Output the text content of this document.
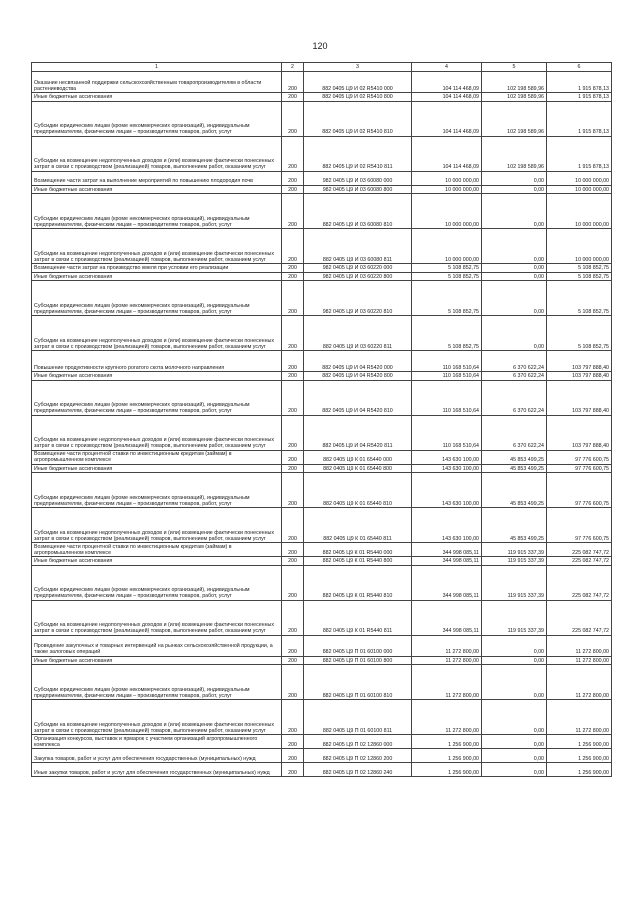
120
1	2	3	4	5	6
Оказание несвязанной поддержки сельскохозяйственным товаропроизводителям в области растениеводства	200	882 0405 Ц9 И 02 R5410 000	104 114 468,09	102 198 589,96	1 915 878,13
Иные бюджетные ассигнования	200	882 0405 Ц9 И 02 R5410 800	104 114 468,09	102 198 589,96	1 915 878,13
Субсидии юридическим лицам (кроме некоммерческих организаций), индивидуальным предпринимателям, физическим лицам – производителям товаров, работ, услуг	200	882 0405 Ц9 И 02 R5410 810	104 114 468,09	102 198 589,96	1 915 878,13
Субсидии на возмещение недополученных доходов и (или) возмещение фактически понесенных затрат в связи с производством (реализацией) товаров, выполнением работ, оказанием услуг	200	882 0405 Ц9 И 02 R5410 811	104 114 468,09	102 198 589,96	1 915 878,13
Возмещение части затрат на выполнение мероприятий по повышению плодородия почв	200	982 0405 Ц9 И 03 60080 000	10 000 000,00	0,00	10 000 000,00
Иные бюджетные ассигнования	200	982 0405 Ц9 И 03 60080 800	10 000 000,00	0,00	10 000 000,00
Субсидии юридическим лицам (кроме некоммерческих организаций), индивидуальным предпринимателям, физическим лицам – производителям товаров, работ, услуг	200	882 0405 Ц9 И 03 60080 810	10 000 000,00	0,00	10 000 000,00
Субсидии на возмещение недополученных доходов и (или) возмещение фактически понесенных затрат в связи с производством (реализацией) товаров, выполнением работ, оказанием услуг	200	882 0405 Ц9 И 03 60080 811	10 000 000,00	0,00	10 000 000,00
Возмещение части затрат на производство кмеля при условии его реализации	200	982 0405 Ц9 И 03 60220 000	5 108 852,75	0,00	5 108 852,75
Иные бюджетные ассигнования	200	982 0405 Ц9 И 03 60220 800	5 108 852,75	0,00	5 108 852,75
Субсидии юридическим лицам (кроме некоммерческих организаций), индивидуальным предпринимателям, физическим лицам – производителям товаров, работ, услуг	200	982 0405 Ц9 И 03 60220 810	5 108 852,75	0,00	5 108 852,75
Субсидии на возмещение недополученных доходов и (или) возмещение фактически понесенных затрат в связи с производством (реализацией) товаров, выполнением работ, оказанием услуг	200	882 0405 Ц9 И 03 60220 811	5 108 852,75	0,00	5 108 852,75
Повышение продуктивности крупного рогатого скота молочного направления	200	882 0405 Ц9 И 04 R5420 000	110 168 510,64	6 370 622,24	103 797 888,40
Иные бюджетные ассигнования	200	882 0405 Ц9 И 04 R5420 800	110 168 510,64	6 370 622,24	103 797 888,40
Субсидии юридическим лицам (кроме некоммерческих организаций), индивидуальным предпринимателям, физическим лицам – производителям товаров, работ, услуг	200	882 0405 Ц9 И 04 R5420 810	110 168 510,64	6 370 622,24	103 797 888,40
Субсидии на возмещение недополученных доходов и (или) возмещение фактически понесенных затрат в связи с производством (реализацией) товаров, выполнением работ, оказанием услуг	200	882 0405 Ц9 И 04 R5420 811	110 168 510,64	6 370 622,24	103 797 888,40
Возмещение части процентной ставки по инвестиционным кредитам (займам) в агропромышленном комплексе	200	882 0405 Ц9 К 01 65440 000	143 630 100,00	45 853 499,25	97 776 600,75
Иные бюджетные ассигнования	200	882 0405 Ц9 К 01 65440 800	143 630 100,00	45 853 499,25	97 776 600,75
Субсидии юридическим лицам (кроме некоммерческих организаций), индивидуальным предпринимателям, физическим лицам – производителям товаров, работ, услуг	200	882 0405 Ц9 К 01 65440 810	143 630 100,00	45 853 499,25	97 776 600,75
Субсидии на возмещение недополученных доходов и (или) возмещение фактически понесенных затрат в связи с производством (реализацией) товаров, выполнением работ, оказанием услуг	200	882 0405 Ц9 К 01 65440 811	143 630 100,00	45 853 499,25	97 776 600,75
Возмещение части процентной ставки по инвестиционным кредитам (займам) в агропромышленном комплексе	200	882 0405 Ц9 К 01 R5440 000	344 998 085,11	119 915 337,39	225 082 747,72
Иные бюджетные ассигнования	200	882 0405 Ц9 К 01 R5440 800	344 998 085,11	119 915 337,39	225 082 747,72
Субсидии юридическим лицам (кроме некоммерческих организаций), индивидуальным предпринимателям, физическим лицам – производителям товаров, работ, услуг	200	882 0405 Ц9 К 01 R5440 810	344 998 085,11	119 915 337,39	225 082 747,72
Субсидии на возмещение недополученных доходов и (или) возмещение фактически понесенных затрат в связи с производством (реализацией) товаров, выполнением работ, оказанием услуг	200	882 0405 Ц9 К 01 R5440 811	344 998 085,11	119 915 337,39	225 082 747,72
Проведение закупочных и товарных интервенций на рынках сельскохозяйственной продукции, а также залоговых операций	200	882 0405 Ц9 П 01 60100 000	11 272 800,00	0,00	11 272 800,00
Иные бюджетные ассигнования	200	882 0405 Ц9 П 01 60100 800	11 272 800,00	0,00	11 272 800,00
Субсидии юридическим лицам (кроме некоммерческих организаций), индивидуальным предпринимателям, физическим лицам – производителям товаров, работ, услуг	200	882 0405 Ц9 П 01 60100 810	11 272 800,00	0,00	11 272 800,00
Субсидии на возмещение недополученных доходов и (или) возмещение фактически понесенных затрат в связи с производством (реализацией) товаров, выполнением работ, оказанием услуг	200	882 0405 Ц9 П 01 60100 811	11 272 800,00	0,00	11 272 800,00
Организация конкурсов, выставок и ярмарок с участием организаций агропромышленного комплекса	200	882 0405 Ц9 П 02 12860 000	1 256 900,00	0,00	1 256 900,00
Закупка товаров, работ и услуг для обеспечения государственных (муниципальных) нужд	200	882 0405 Ц9 П 02 12860 200	1 256 900,00	0,00	1 256 900,00
Иные закупки товаров, работ и услуг для обеспечения государственных (муниципальных) нужд	200	882 0405 Ц9 П 02 12860 240	1 256 900,00	0,00	1 256 900,00
